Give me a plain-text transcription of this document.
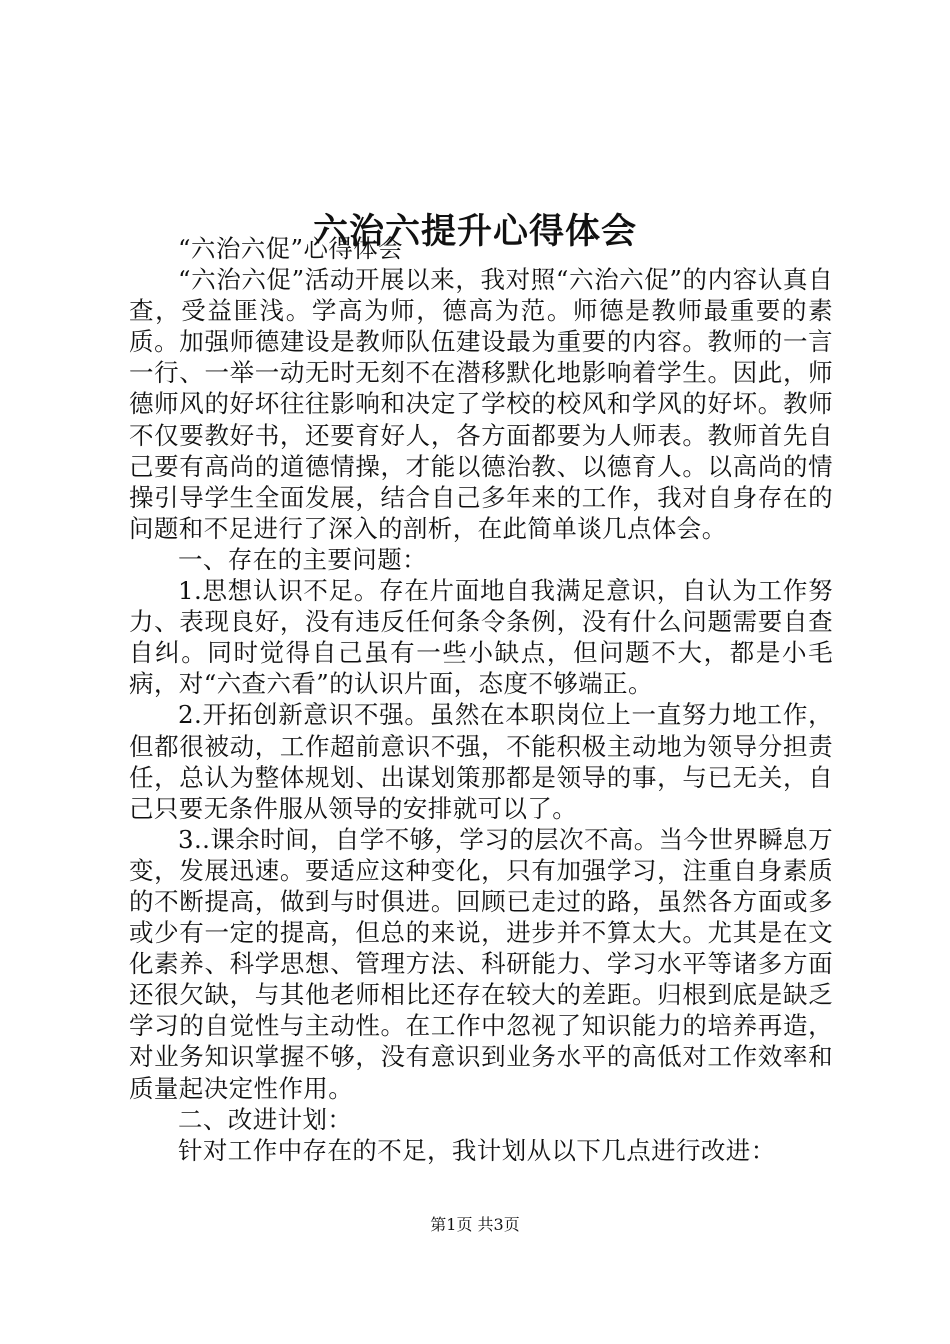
六治六提升心得体会

“六治六促”心得体会

“六治六促”活动开展以来，我对照“六治六促”的内容认真自查，受益匪浅。学高为师，德高为范。师德是教师最重要的素质。加强师德建设是教师队伍建设最为重要的内容。教师的一言一行、一举一动无时无刻不在潜移默化地影响着学生。因此，师德师风的好坏往往影响和决定了学校的校风和学风的好坏。教师不仅要教好书，还要育好人，各方面都要为人师表。教师首先自己要有高尚的道德情操，才能以德治教、以德育人。以高尚的情操引导学生全面发展，结合自己多年来的工作，我对自身存在的问题和不足进行了深入的剖析，在此简单谈几点体会。

一、存在的主要问题：

1.思想认识不足。存在片面地自我满足意识，自认为工作努力、表现良好，没有违反任何条令条例，没有什么问题需要自查自纠。同时觉得自己虽有一些小缺点，但问题不大，都是小毛病，对“六查六看”的认识片面，态度不够端正。

2.开拓创新意识不强。虽然在本职岗位上一直努力地工作，但都很被动，工作超前意识不强，不能积极主动地为领导分担责任，总认为整体规划、出谋划策那都是领导的事，与已无关，自己只要无条件服从领导的安排就可以了。

3..课余时间，自学不够，学习的层次不高。当今世界瞬息万变，发展迅速。要适应这种变化，只有加强学习，注重自身素质的不断提高，做到与时俱进。回顾已走过的路，虽然各方面或多或少有一定的提高，但总的来说，进步并不算太大。尤其是在文化素养、科学思想、管理方法、科研能力、学习水平等诸多方面还很欠缺，与其他老师相比还存在较大的差距。归根到底是缺乏学习的自觉性与主动性。在工作中忽视了知识能力的培养再造，对业务知识掌握不够，没有意识到业务水平的高低对工作效率和质量起决定性作用。

二、改进计划：

针对工作中存在的不足，我计划从以下几点进行改进：

第1页 共3页
